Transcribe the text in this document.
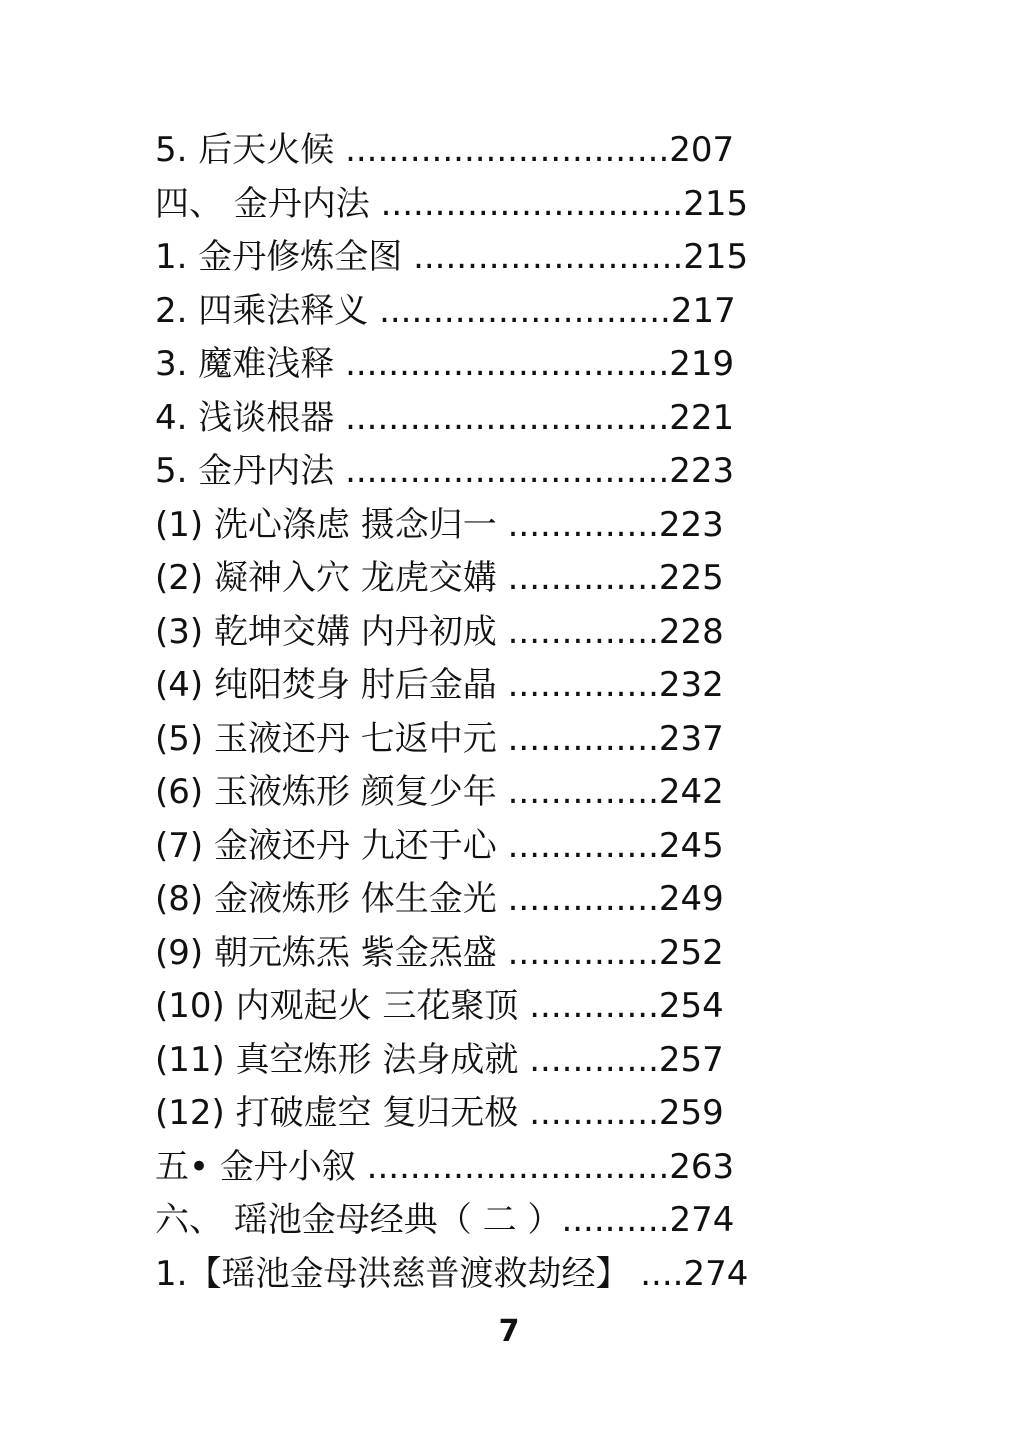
5. 后天火候 ..............................207
四、 金丹内法 ............................215
1. 金丹修炼全图 .........................215
2. 四乘法释义 ...........................217
3. 魔难浅释 ..............................219
4. 浅谈根器 ..............................221
5. 金丹内法 ..............................223
(1) 洗心涤虑 摄念归一 ..............223
(2) 凝神入穴 龙虎交媾 ..............225
(3) 乾坤交媾 内丹初成 ..............228
(4) 纯阳焚身 肘后金晶 ..............232
(5) 玉液还丹 七返中元 ..............237
(6) 玉液炼形 颜复少年 ..............242
(7) 金液还丹 九还于心 ..............245
(8) 金液炼形 体生金光 ..............249
(9) 朝元炼炁 紫金炁盛 ..............252
(10) 内观起火 三花聚顶 ............254
(11) 真空炼形 法身成就 ............257
(12) 打破虚空 复归无极 ............259
五• 金丹小叙 ............................263
六、 瑶池金母经典（ 二 ）..........274
1.【瑶池金母洪慈普渡救劫经】 ....274
7
